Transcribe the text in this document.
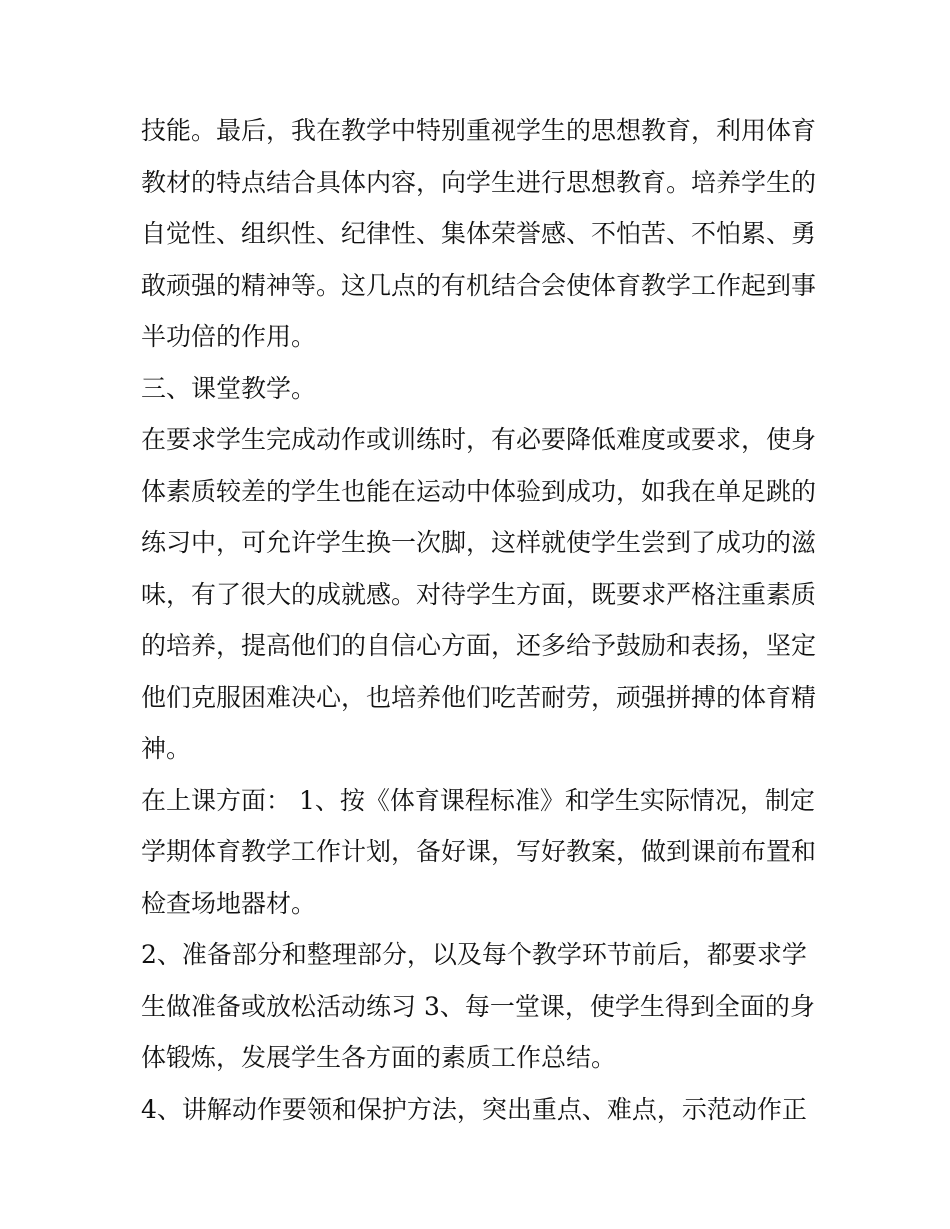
技能。最后，我在教学中特别重视学生的思想教育，利用体育
教材的特点结合具体内容，向学生进行思想教育。培养学生的
自觉性、组织性、纪律性、集体荣誉感、不怕苦、不怕累、勇
敢顽强的精神等。这几点的有机结合会使体育教学工作起到事
半功倍的作用。
三、课堂教学。
在要求学生完成动作或训练时，有必要降低难度或要求，使身
体素质较差的学生也能在运动中体验到成功，如我在单足跳的
练习中，可允许学生换一次脚，这样就使学生尝到了成功的滋
味，有了很大的成就感。对待学生方面，既要求严格注重素质
的培养，提高他们的自信心方面，还多给予鼓励和表扬，坚定
他们克服困难决心，也培养他们吃苦耐劳，顽强拼搏的体育精
神。
在上课方面： 1、按《体育课程标准》和学生实际情况，制定
学期体育教学工作计划，备好课，写好教案，做到课前布置和
检查场地器材。
2、准备部分和整理部分，以及每个教学环节前后，都要求学
生做准备或放松活动练习 3、每一堂课，使学生得到全面的身
体锻炼，发展学生各方面的素质工作总结。
4、讲解动作要领和保护方法，突出重点、难点，示范动作正
